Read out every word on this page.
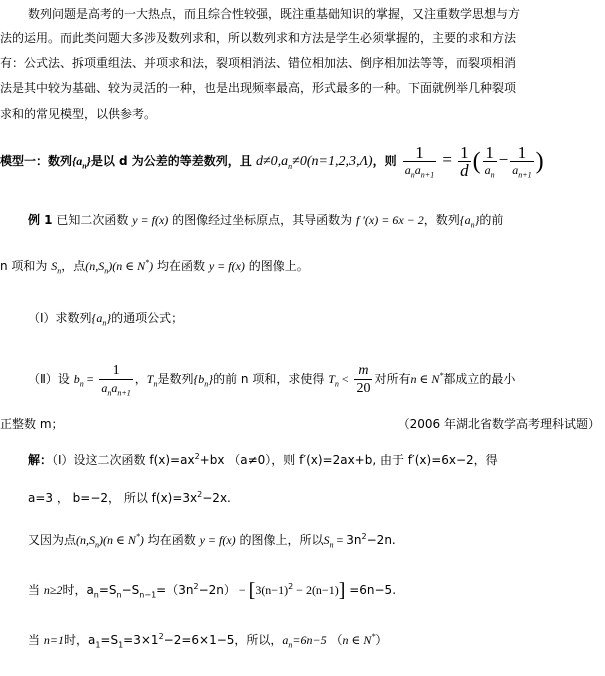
数列问题是高考的一大热点，而且综合性较强，既注重基础知识的掌握，又注重数学思想与方
法的运用。而此类问题大多涉及数列求和，所以数列求和方法是学生必须掌握的，主要的求和方法
有：公式法、拆项重组法、并项求和法，裂项相消法、错位相加法、倒序相加法等等，而裂项相消
法是其中较为基础、较为灵活的一种，也是出现频率最高，形式最多的一种。下面就例举几种裂项
求和的常见模型，以供参考。
模型一：数列$\{a_n\}$是以 d 为公差的等差数列，且 $d\ne 0,a_n\ne 0(n=1,2,3,\Lambda)$，则 $\frac{1}{a_na_{n+1}} = \frac{1}{d}$ ( $\frac{1}{a_n} - \frac{1}{a_{n+1}}$ )
例 1 已知二次函数 y = f(x) 的图像经过坐标原点，其导函数为 f ′(x) = 6x − 2，数列$\{a_n\}$的前
n 项和为 $S_n$，点$(n,S_n)(n$ ∈ N*) 均在函数 y = f(x) 的图像上。
（Ⅰ）求数列$\{a_n\}$的通项公式；
（Ⅱ）设 $b_n = \frac{1}{a_na_{n+1}}$ ，$T_n$是数列$\{b_n\}$的前 n 项和，求使得 $T_n < \frac{m}{20}$ 对所有n ∈ N*都成立的最小
正整数 m；	（2006 年湖北省数学高考理科试题）
解：（Ⅰ）设这二次函数 $f(x)=ax^2+bx$ （a≠0），则 f′(x)=2ax+b, 由于 f′(x)=6x−2，得
a=3 ， b=−2， 所以 $f(x)=3x^2-2x$.
又因为点$(n,S_n)(n$ ∈ N*) 均在函数 y = f(x) 的图像上，所以$S_n = 3n^2-2n$.
当 n≥2时，$a_n=S_n-S_{n-1}=(3n^2-2n) - [3(n-1)^2 - 2(n-1)] =6n-5$.
当 n=1时，$a_1=S_1=3\times 1^2-2=6\times 1-5$，所以，$a_n=6n-5$ （n ∈ N*）
